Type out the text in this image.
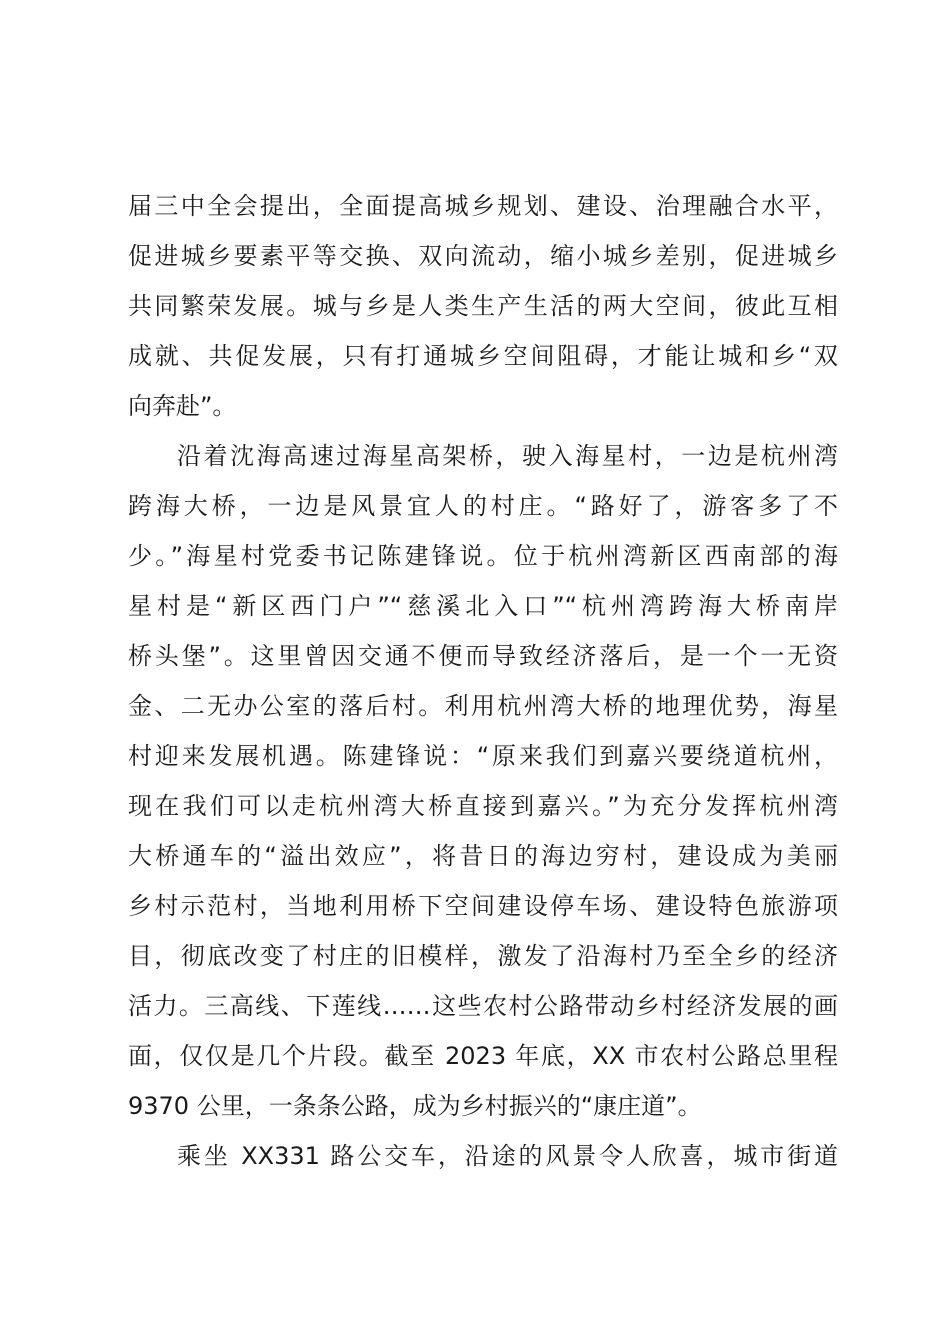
届三中全会提出，全面提高城乡规划、建设、治理融合水平，
促进城乡要素平等交换、双向流动，缩小城乡差别，促进城乡
共同繁荣发展。城与乡是人类生产生活的两大空间，彼此互相
成就、共促发展，只有打通城乡空间阻碍，才能让城和乡“双
向奔赴”。
沿着沈海高速过海星高架桥，驶入海星村，一边是杭州湾
跨海大桥，一边是风景宜人的村庄。“路好了，游客多了不
少。”海星村党委书记陈建锋说。位于杭州湾新区西南部的海
星村是“新区西门户”“慈溪北入口”“杭州湾跨海大桥南岸
桥头堡”。这里曾因交通不便而导致经济落后，是一个一无资
金、二无办公室的落后村。利用杭州湾大桥的地理优势，海星
村迎来发展机遇。陈建锋说：“原来我们到嘉兴要绕道杭州，
现在我们可以走杭州湾大桥直接到嘉兴。”为充分发挥杭州湾
大桥通车的“溢出效应”，将昔日的海边穷村，建设成为美丽
乡村示范村，当地利用桥下空间建设停车场、建设特色旅游项
目，彻底改变了村庄的旧模样，激发了沿海村乃至全乡的经济
活力。三高线、下莲线……这些农村公路带动乡村经济发展的画
面，仅仅是几个片段。截至 2023 年底，XX 市农村公路总里程
9370 公里，一条条公路，成为乡村振兴的“康庄道”。
乘坐 XX331 路公交车，沿途的风景令人欣喜，城市街道
